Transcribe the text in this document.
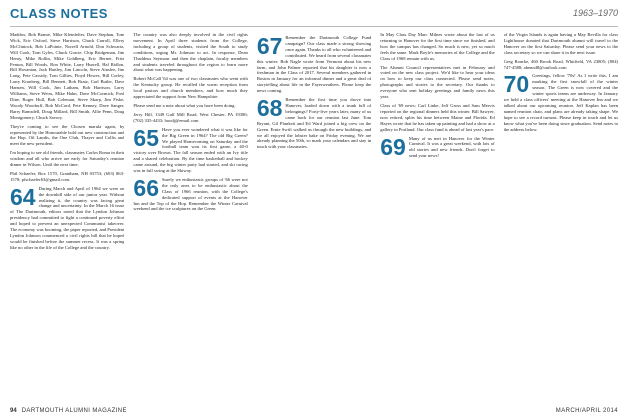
CLASS NOTES	1963–1970

Maddox, Bob Brame, Mike Kleinfelter, Dave Stephan, Tom Wick, Eric Oxford, Steve Harrison, Chuck Carroll, Ellery McClintock, Bob LaPointe, Norrell Arnold, Don Schwartz, Will Cook, Tom Gyles, Chuck Gracie, Chip Bridgeman, Jim Henry, Mike Rollin, Mike Goldberg, Eric Bernet, Fritz Fenton, Bill Woods, Ron White, Larry Hurrell, Hal Ridlon, Bill Hovanian, Jack Hartley, Jim Lincoln, Steve Ainslee, Jim Long, Pete Cassidy, Tom Gillies, Floyd Hewes, Bill Corley, Larry Kronberg, Bill Bennett, Bob Bratz, Carl Butler, Dave Hansen, Will Cook, Jim Latham, Bob Harrison, Larry Williams, Steve Weiss, Mike Hahn, Dave McCormick, Fred Dine, Roger Hull, Bob Coleman, Steve Skarp, Jim Fiske, Woody Woodruff, Bob McCord, Pete Kenney, Dave Sanger, Barry Ramsdell, Doug Millard, Bill Smith, Allie Penn, Doug Montgomery, Chuck Savory.

They're coming to see the Chosen marula again, by represented by the Honourable hold out new construction and the Hop. Oil Landis, the One Club, Thayer and Collis and meet the new president.

I'm hoping to see old friends, classmates Carlos Roma in their wisdom and all who arrive are early for Saturday's reunion dinner in Wilson. Until the next time.

Phil Schaefer, Box 1570, Grantham, NH 03753; (603) 863-1578; pfschaefer63@gmail.com.

64 During March and April of 1964 we were on the downhill side of our junior year. Without realizing it, the country was facing great change and uncertainty. In the March 16 issue of The Dartmouth, editors noted that the Lyndon Johnson presidency had committed to fight a continued poverty effort and hoped to prevent an unexpected Communist takeover. The economy was booming, the paper reported, and President Lyndon Johnson commenced a civil rights bill that he hoped would be finished before the summer recess. It was a spring like no other in the life of the College and the country.

The country was also deeply involved in the civil rights movement. In April three students from the College, including a group of students, visited the South to study conditions, urging Mr. Johnson to act. In response, Dean Thaddeus Seymour and then the chaplain, faculty members and students traveled throughout the region to learn more about what was happening.

Robert McCall '64 was one of two classmates who went with the Kentucky group. He recalled the warm reception from local pastors and church members, and how much they appreciated the support from New Hampshire.

Please send me a note about what you have been doing.

Jerry Hill, 1349 Gulf Mill Road, West Chester, PA 19380; (702) 335-4433; hoodj@email.com

65 Have you ever wondered what it was like for the Big Green in 1964? The old Big Green? We played Homecoming on Saturday and the football team won its first game, a 40-0 victory over Brown. The fall season ended with an Ivy title and a shared celebration. By the time basketball and hockey came around, the big winter party had started, and ski racing was in full swing at the Skiway.
66 Surely we enthusiastic groups of '66 were not the only ones to be enthusiastic about the Class of 1966 reunion, with the College's dedicated support of events at the Hanover Inn and the Top of the Hop. Remember the Winter Carnival weekend and the ice sculptures on the Green.
67 Remember the Dartmouth College Fund campaign? Our class made a strong showing once again. Thanks to all who volunteered and contributed. We heard from several classmates this winter: Bob Nagle wrote from Vermont about his new farm, and John Palmer reported that his daughter is now a freshman in the Class of 2017. Several members gathered in Boston in January for an informal dinner and a great deal of storytelling about life in the Fayerweathers. Please keep the news coming.
68 Remember the first time you drove into Hanover, loaded down with a trunk full of belongings? Forty-five years later, many of us came back for our reunion last June. Tom Bryant, Gil Plunkett and Ed Ward joined a big crew on the Green. Ernie Swift walked us through the new buildings, and we all enjoyed the lobster bake on Friday evening. We are already planning the 50th, so mark your calendars and stay in touch with your classmates.

In May Class Day Marc Milnes wrote about the last of us returning to Hanover for the first time since we finished, and how the campus has changed. So much is new, yet so much feels the same. Mark Boyle's memories of the College and the Class of 1968 remain with us.

The Alumni Council representatives met in February and voted on the new class project. We'd like to hear your ideas on how to keep our class connected. Please send notes, photographs and stories to the secretary. Our thanks to everyone who sent holiday greetings and family news this year.

Class of '69 news: Carl Linke, Jeff Gross and Sam Mervis reported on the regional dinners held this winter. Bill Sawyer, now retired, splits his time between Maine and Florida. Ed Hayes wrote that he has taken up painting and had a show at a gallery in Portland. Our class fund is ahead of last year's pace.

69 Many of us met in Hanover for the Winter Carnival. It was a great weekend, with lots of old stories and new friends. Don't forget to send your news!

of the Virgin Islands is again having a May Revilla for class Lighthouse donated that Dartmouth alumni will travel to the Hanover on the first Saturday. Please send your news to the class secretary so we can share it in the next issue.

Greg Rourke, 460 Brook Road, Whitfield, VA 23805; (804) 747-4588; abenn48@outlook.com

70 Greetings, fellow '70s! As I write this, I am marking the first snowfall of the winter season. The Green is now covered and the winter sports teams are underway. In January we held a class officers' meeting at the Hanover Inn and we talked about our upcoming reunion. Jeff Kaplan has been named reunion chair, and plans are already taking shape. We hope to see a record turnout. Please keep in touch and let us know what you've been doing since graduation. Send notes to the address below.
94 DARTMOUTH ALUMNI MAGAZINE	MARCH/APRIL 2014
